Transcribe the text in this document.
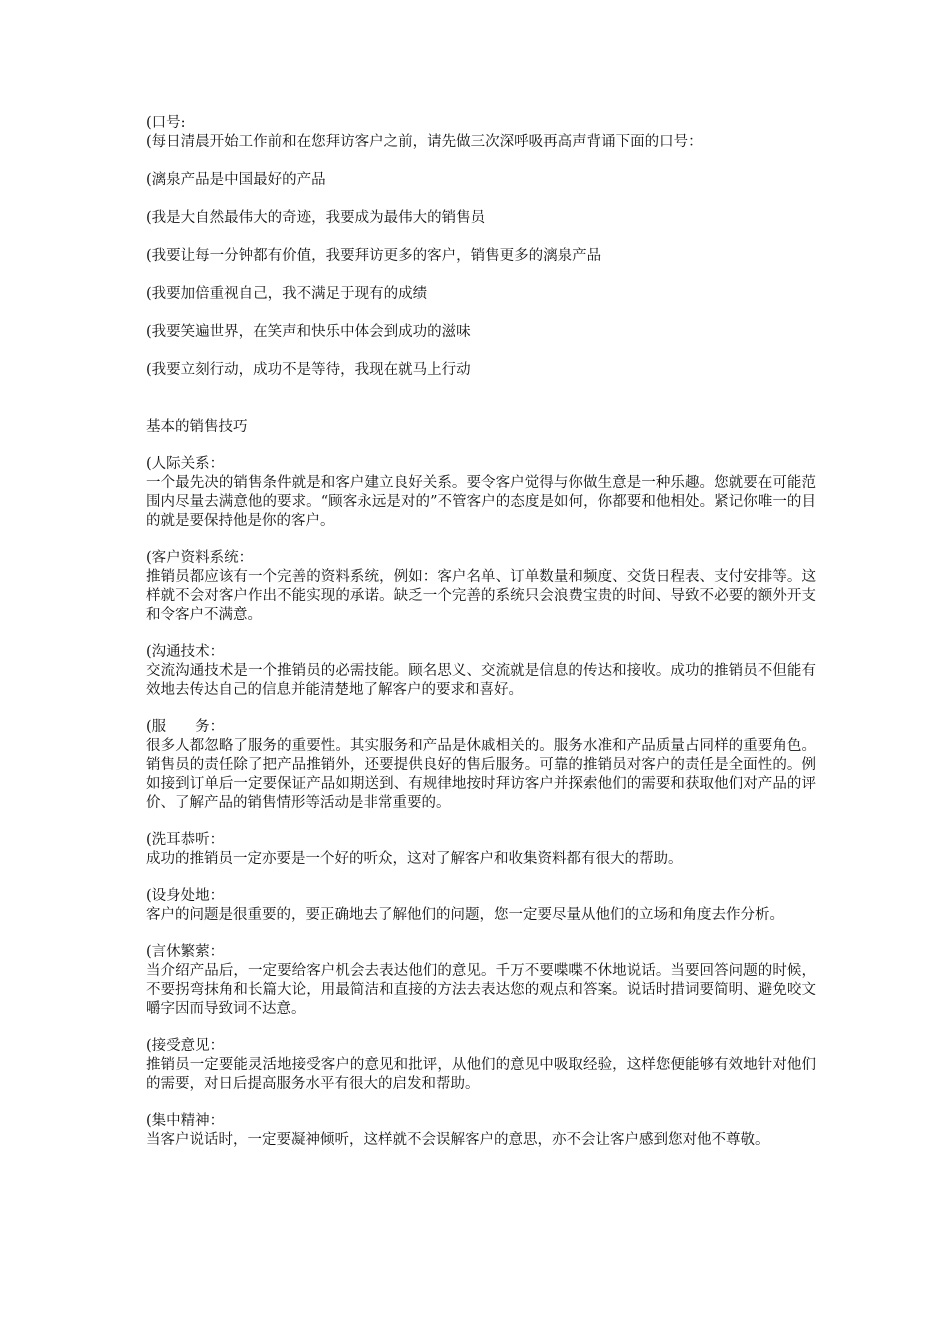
(口号:
(每日清晨开始工作前和在您拜访客户之前，请先做三次深呼吸再高声背诵下面的口号：
(漓泉产品是中国最好的产品
(我是大自然最伟大的奇迹，我要成为最伟大的销售员
(我要让每一分钟都有价值，我要拜访更多的客户，销售更多的漓泉产品
(我要加倍重视自己，我不满足于现有的成绩
(我要笑遍世界，在笑声和快乐中体会到成功的滋味
(我要立刻行动，成功不是等待，我现在就马上行动
基本的销售技巧
(人际关系：
一个最先决的销售条件就是和客户建立良好关系。要令客户觉得与你做生意是一种乐趣。您就要在可能范围内尽量去满意他的要求。“顾客永远是对的”不管客户的态度是如何，你都要和他相处。紧记你唯一的目的就是要保持他是你的客户。
(客户资料系统：
推销员都应该有一个完善的资料系统，例如：客户名单、订单数量和频度、交货日程表、支付安排等。这样就不会对客户作出不能实现的承诺。缺乏一个完善的系统只会浪费宝贵的时间、导致不必要的额外开支和令客户不满意。
(沟通技术：
交流沟通技术是一个推销员的必需技能。顾名思义、交流就是信息的传达和接收。成功的推销员不但能有效地去传达自己的信息并能清楚地了解客户的要求和喜好。
(服　　务：
很多人都忽略了服务的重要性。其实服务和产品是休戚相关的。服务水准和产品质量占同样的重要角色。销售员的责任除了把产品推销外，还要提供良好的售后服务。可靠的推销员对客户的责任是全面性的。例如接到订单后一定要保证产品如期送到、有规律地按时拜访客户并探索他们的需要和获取他们对产品的评价、了解产品的销售情形等活动是非常重要的。
(洗耳恭听：
成功的推销员一定亦要是一个好的听众，这对了解客户和收集资料都有很大的帮助。
(设身处地：
客户的问题是很重要的，要正确地去了解他们的问题，您一定要尽量从他们的立场和角度去作分析。
(言休繁萦：
当介绍产品后，一定要给客户机会去表达他们的意见。千万不要喋喋不休地说话。当要回答问题的时候，不要拐弯抹角和长篇大论，用最简洁和直接的方法去表达您的观点和答案。说话时措词要简明、避免咬文嚼字因而导致词不达意。
(接受意见：
推销员一定要能灵活地接受客户的意见和批评，从他们的意见中吸取经验，这样您便能够有效地针对他们的需要，对日后提高服务水平有很大的启发和帮助。
(集中精神：
当客户说话时，一定要凝神倾听，这样就不会误解客户的意思，亦不会让客户感到您对他不尊敬。
